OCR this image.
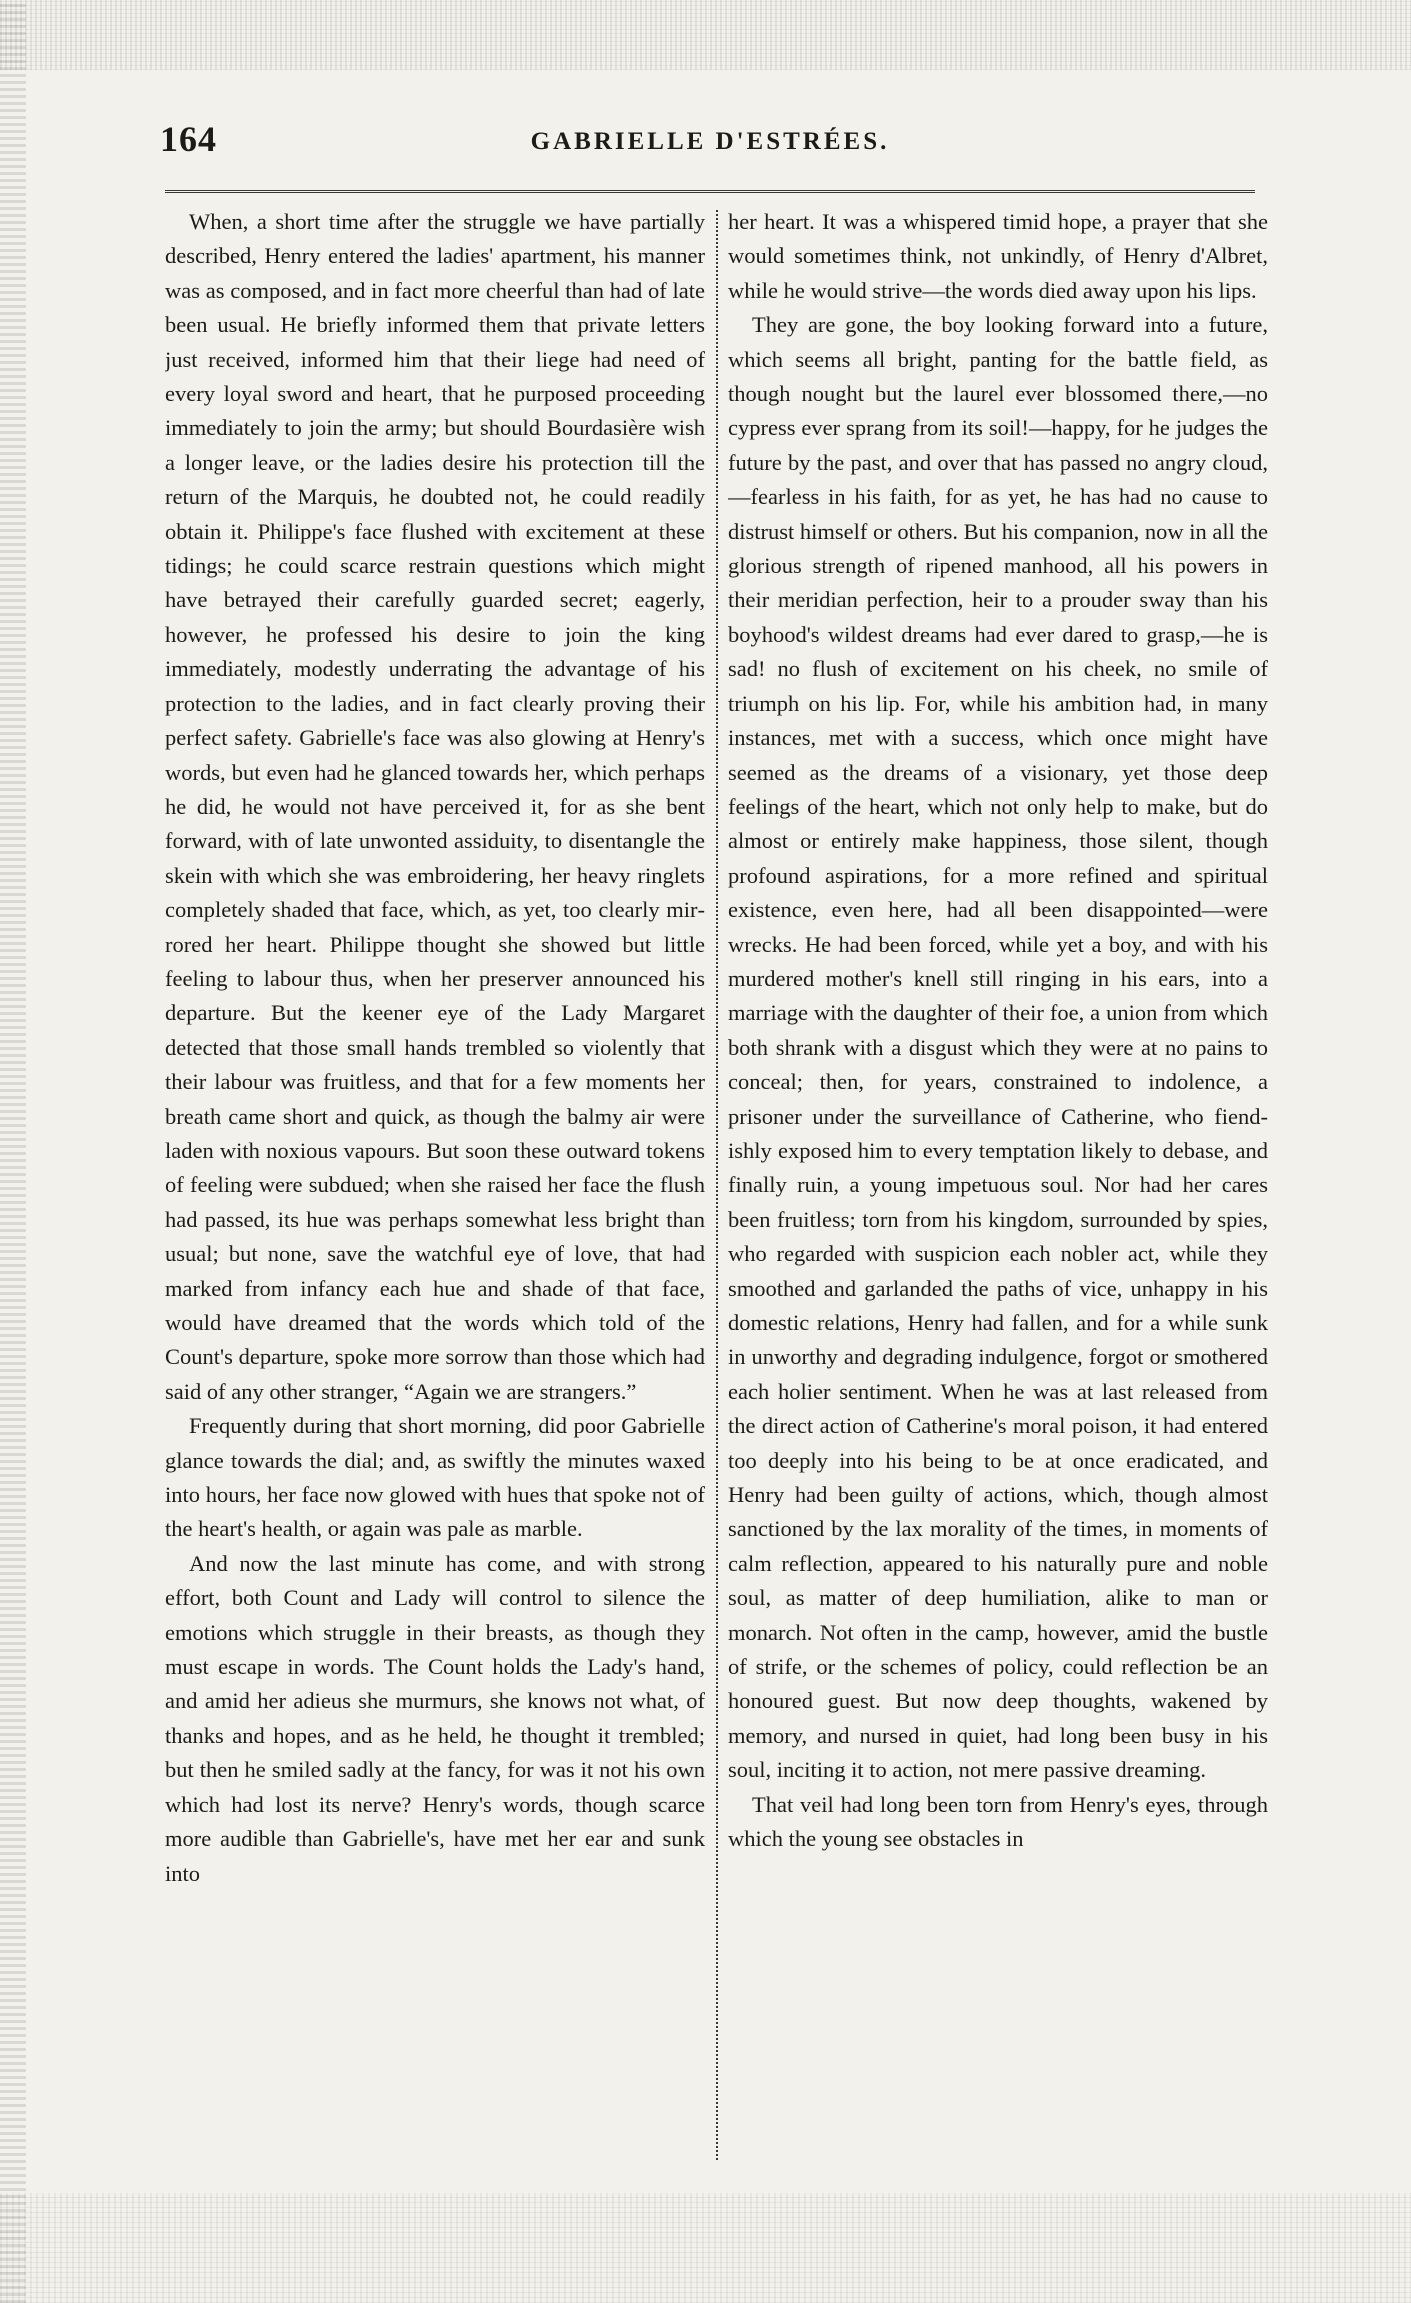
164	GABRIELLE D'ESTRÉES.

When, a short time after the struggle we have partially described, Henry entered the ladies' apartment, his manner was as composed, and in fact more cheerful than had of late been usual. He briefly informed them that private letters just received, informed him that their liege had need of every loyal sword and heart, that he purposed proceeding immediately to join the army; but should Bourdasière wish a longer leave, or the ladies desire his protection till the return of the Marquis, he doubted not, he could readily obtain it. Philippe's face flushed with excitement at these tidings; he could scarce restrain questions which might have betrayed their carefully guarded secret; eagerly, however, he professed his desire to join the king immediately, modestly underrating the advantage of his protection to the ladies, and in fact clearly proving their perfect safety. Gabrielle's face was also glowing at Henry's words, but even had he glanced towards her, which perhaps he did, he would not have perceived it, for as she bent forward, with of late unwonted assiduity, to disentangle the skein with which she was embroidering, her heavy ringlets completely shaded that face, which, as yet, too clearly mirrored her heart. Philippe thought she showed but little feeling to labour thus, when her preserver announced his departure. But the keener eye of the Lady Margaret detected that those small hands trembled so violently that their labour was fruitless, and that for a few moments her breath came short and quick, as though the balmy air were laden with noxious vapours. But soon these outward tokens of feeling were subdued; when she raised her face the flush had passed, its hue was perhaps somewhat less bright than usual; but none, save the watchful eye of love, that had marked from infancy each hue and shade of that face, would have dreamed that the words which told of the Count's departure, spoke more sorrow than those which had said of any other stranger, “Again we are strangers.”

Frequently during that short morning, did poor Gabrielle glance towards the dial; and, as swiftly the minutes waxed into hours, her face now glowed with hues that spoke not of the heart's health, or again was pale as marble.

And now the last minute has come, and with strong effort, both Count and Lady will control to silence the emotions which struggle in their breasts, as though they must escape in words. The Count holds the Lady's hand, and amid her adieus she murmurs, she knows not what, of thanks and hopes, and as he held, he thought it trembled; but then he smiled sadly at the fancy, for was it not his own which had lost its nerve? Henry's words, though scarce more audible than Gabrielle's, have met her ear and sunk into

her heart. It was a whispered timid hope, a prayer that she would sometimes think, not unkindly, of Henry d'Albret, while he would strive—the words died away upon his lips.

They are gone, the boy looking forward into a future, which seems all bright, panting for the battle field, as though nought but the laurel ever blossomed there,—no cypress ever sprang from its soil!—happy, for he judges the future by the past, and over that has passed no angry cloud,—fearless in his faith, for as yet, he has had no cause to distrust himself or others. But his companion, now in all the glorious strength of ripened manhood, all his powers in their meridian perfection, heir to a prouder sway than his boyhood's wildest dreams had ever dared to grasp,—he is sad! no flush of excitement on his cheek, no smile of triumph on his lip. For, while his ambition had, in many instances, met with a success, which once might have seemed as the dreams of a visionary, yet those deep feelings of the heart, which not only help to make, but do almost or entirely make happiness, those silent, though profound aspirations, for a more refined and spiritual existence, even here, had all been disappointed—were wrecks. He had been forced, while yet a boy, and with his murdered mother's knell still ringing in his ears, into a marriage with the daughter of their foe, a union from which both shrank with a disgust which they were at no pains to conceal; then, for years, constrained to indolence, a prisoner under the surveillance of Catherine, who fiendishly exposed him to every temptation likely to debase, and finally ruin, a young impetuous soul. Nor had her cares been fruitless; torn from his kingdom, surrounded by spies, who regarded with suspicion each nobler act, while they smoothed and garlanded the paths of vice, unhappy in his domestic relations, Henry had fallen, and for a while sunk in unworthy and degrading indulgence, forgot or smothered each holier sentiment. When he was at last released from the direct action of Catherine's moral poison, it had entered too deeply into his being to be at once eradicated, and Henry had been guilty of actions, which, though almost sanctioned by the lax morality of the times, in moments of calm reflection, appeared to his naturally pure and noble soul, as matter of deep humiliation, alike to man or monarch. Not often in the camp, however, amid the bustle of strife, or the schemes of policy, could reflection be an honoured guest. But now deep thoughts, wakened by memory, and nursed in quiet, had long been busy in his soul, inciting it to action, not mere passive dreaming.

That veil had long been torn from Henry's eyes, through which the young see obstacles in
